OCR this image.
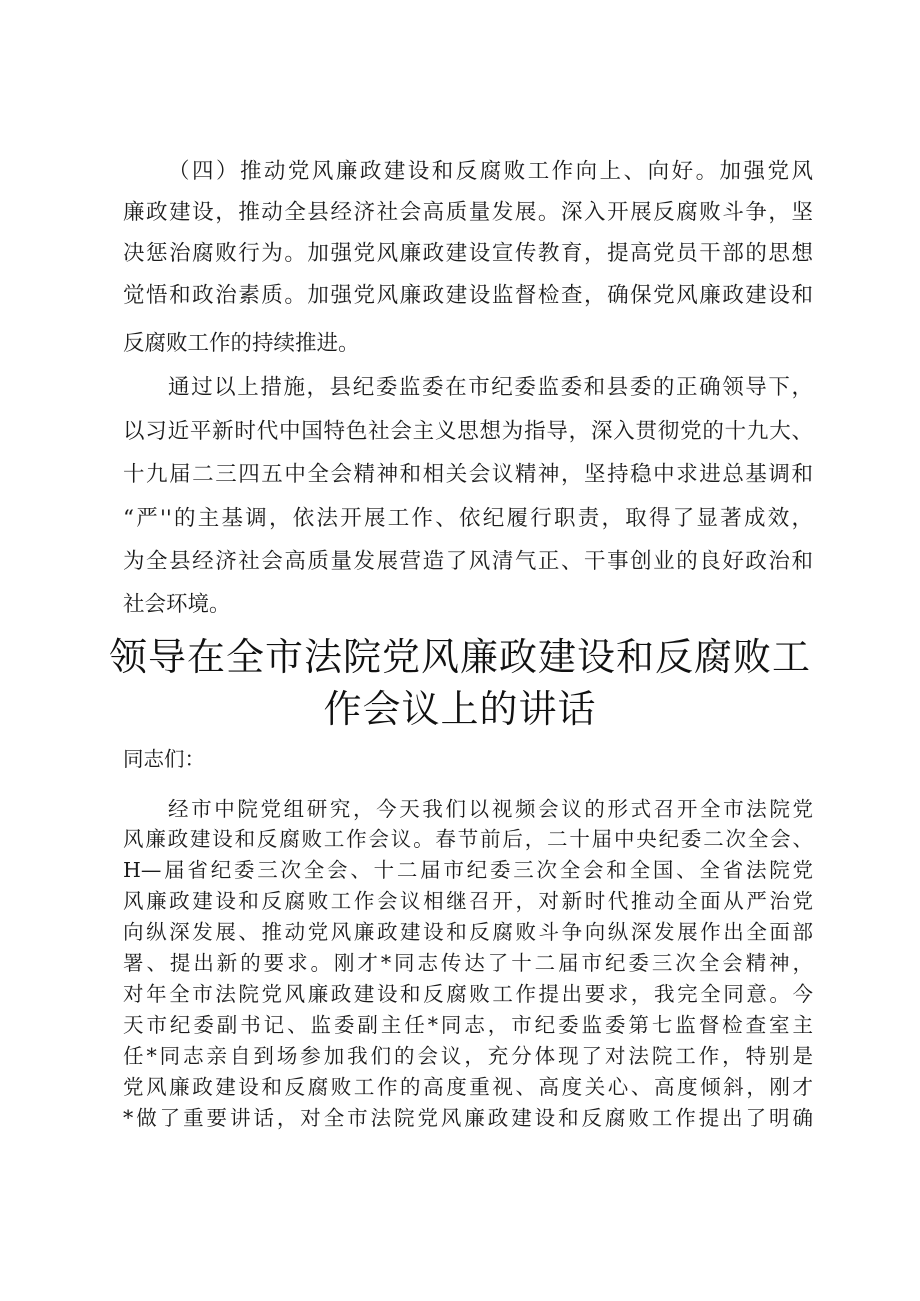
（四）推动党风廉政建设和反腐败工作向上、向好。加强党风
廉政建设，推动全县经济社会高质量发展。深入开展反腐败斗争，坚
决惩治腐败行为。加强党风廉政建设宣传教育，提高党员干部的思想
觉悟和政治素质。加强党风廉政建设监督检查，确保党风廉政建设和
反腐败工作的持续推进。
通过以上措施，县纪委监委在市纪委监委和县委的正确领导下，
以习近平新时代中国特色社会主义思想为指导，深入贯彻党的十九大、
十九届二三四五中全会精神和相关会议精神，坚持稳中求进总基调和
“严''的主基调，依法开展工作、依纪履行职责，取得了显著成效，
为全县经济社会高质量发展营造了风清气正、干事创业的良好政治和
社会环境。
领导在全市法院党风廉政建设和反腐败工
作会议上的讲话
同志们：
经市中院党组研究，今天我们以视频会议的形式召开全市法院党
风廉政建设和反腐败工作会议。春节前后，二十届中央纪委二次全会、
H—届省纪委三次全会、十二届市纪委三次全会和全国、全省法院党
风廉政建设和反腐败工作会议相继召开，对新时代推动全面从严治党
向纵深发展、推动党风廉政建设和反腐败斗争向纵深发展作出全面部
署、提出新的要求。刚才*同志传达了十二届市纪委三次全会精神，
对年全市法院党风廉政建设和反腐败工作提出要求，我完全同意。今
天市纪委副书记、监委副主任*同志，市纪委监委第七监督检查室主
任*同志亲自到场参加我们的会议，充分体现了对法院工作，特别是
党风廉政建设和反腐败工作的高度重视、高度关心、高度倾斜，刚才
*做了重要讲话，对全市法院党风廉政建设和反腐败工作提出了明确
